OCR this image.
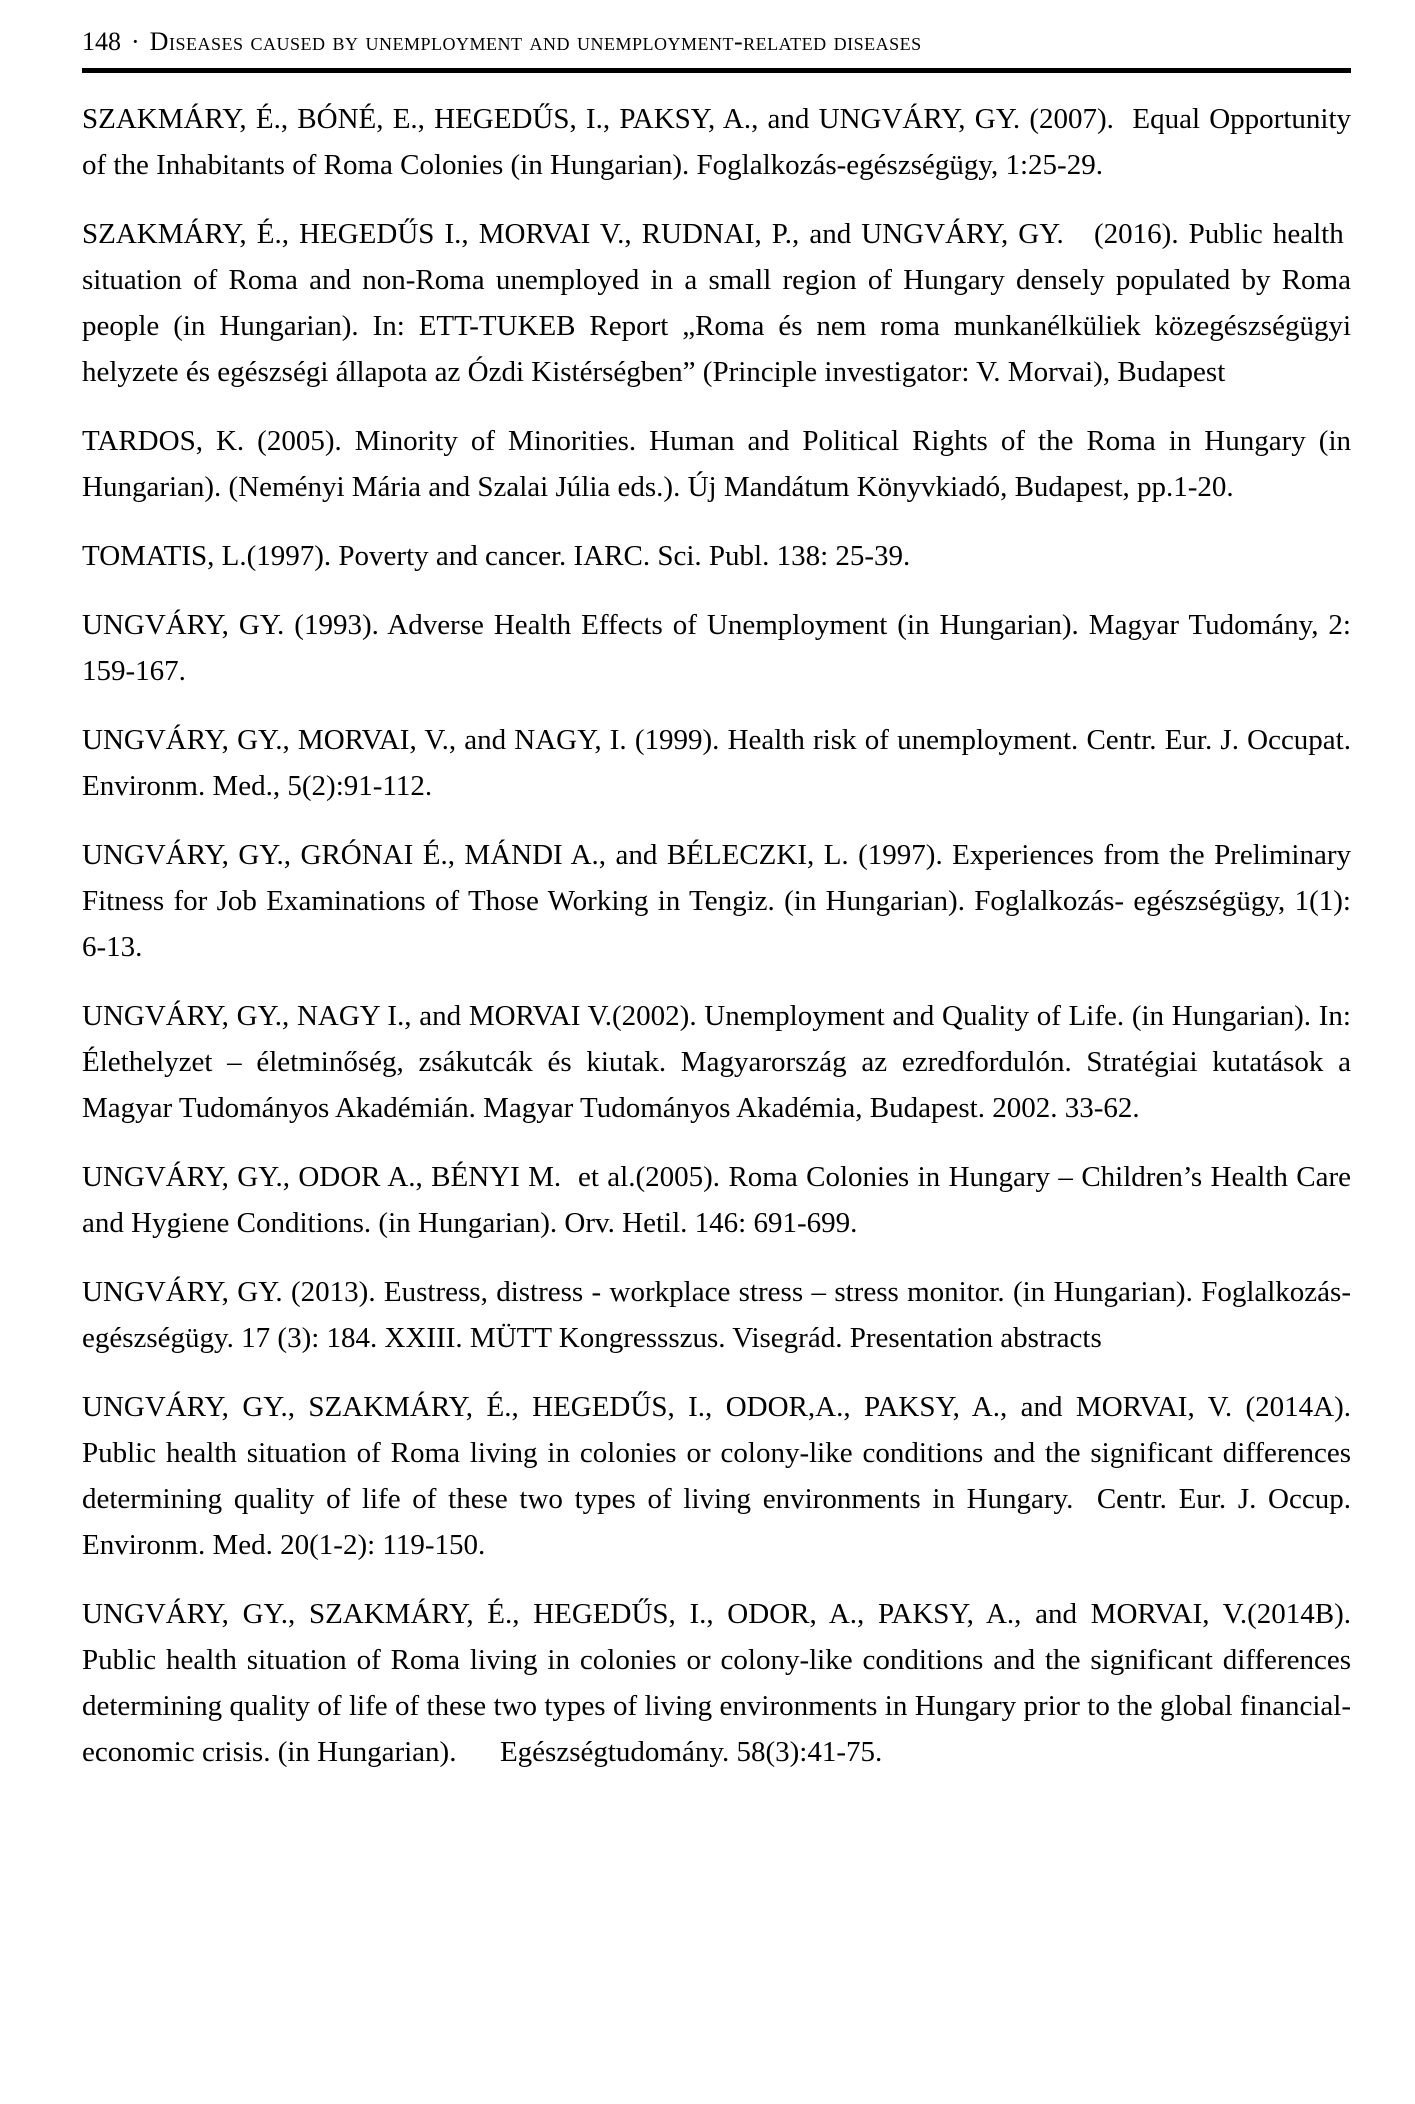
148 · Diseases caused by unemployment and unemployment-related diseases

SZAKMÁRY, É., BÓNÉ, E., HEGEDŰS, I., PAKSY, A., and UNGVÁRY, GY. (2007).  Equal Opportunity of the Inhabitants of Roma Colonies (in Hungarian). Foglalkozás-egészségügy, 1:25-29.

SZAKMÁRY, É., HEGEDŰS I., MORVAI V., RUDNAI, P., and UNGVÁRY, GY.   (2016). Public health  situation of Roma and non-Roma unemployed in a small region of Hungary densely populated by Roma people (in Hungarian). In: ETT-TUKEB Report „Roma és nem roma munkanélküliek közegészségügyi helyzete és egészségi állapota az Ózdi Kistérségben” (Principle investigator: V. Morvai), Budapest

TARDOS, K. (2005). Minority of Minorities. Human and Political Rights of the Roma in Hungary (in Hungarian). (Neményi Mária and Szalai Júlia eds.). Új Mandátum Könyvkiadó, Budapest, pp.1-20.

TOMATIS, L.(1997). Poverty and cancer. IARC. Sci. Publ. 138: 25-39.

UNGVÁRY, GY. (1993). Adverse Health Effects of Unemployment (in Hungarian). Magyar Tudomány, 2: 159-167.

UNGVÁRY, GY., MORVAI, V., and NAGY, I. (1999). Health risk of unemployment. Centr. Eur. J. Occupat. Environm. Med., 5(2):91-112.

UNGVÁRY, GY., GRÓNAI É., MÁNDI A., and BÉLECZKI, L. (1997). Experiences from the Preliminary Fitness for Job Examinations of Those Working in Tengiz. (in Hungarian). Foglalkozás- egészségügy, 1(1): 6-13.

UNGVÁRY, GY., NAGY I., and MORVAI V.(2002). Unemployment and Quality of Life. (in Hungarian). In: Élethelyzet – életminőség, zsákutcák és kiutak. Magyarország az ezredfordulón. Stratégiai kutatások a Magyar Tudományos Akadémián. Magyar Tudományos Akadémia, Budapest. 2002. 33-62.

UNGVÁRY, GY., ODOR A., BÉNYI M.  et al.(2005). Roma Colonies in Hungary – Children’s Health Care and Hygiene Conditions. (in Hungarian). Orv. Hetil. 146: 691-699.

UNGVÁRY, GY. (2013). Eustress, distress - workplace stress – stress monitor. (in Hungarian). Foglalkozás-egészségügy. 17 (3): 184. XXIII. MÜTT Kongressszus. Visegrád. Presentation abstracts

UNGVÁRY, GY., SZAKMÁRY, É., HEGEDŰS, I., ODOR,A., PAKSY, A., and MORVAI, V. (2014A). Public health situation of Roma living in colonies or colony-like conditions and the significant differences determining quality of life of these two types of living environments in Hungary.  Centr. Eur. J. Occup. Environm. Med. 20(1-2): 119-150.

UNGVÁRY, GY., SZAKMÁRY, É., HEGEDŰS, I., ODOR, A., PAKSY, A., and MORVAI, V.(2014B). Public health situation of Roma living in colonies or colony-like conditions and the significant differences determining quality of life of these two types of living environments in Hungary prior to the global financial-economic crisis. (in Hungarian).      Egészségtudomány. 58(3):41-75.
